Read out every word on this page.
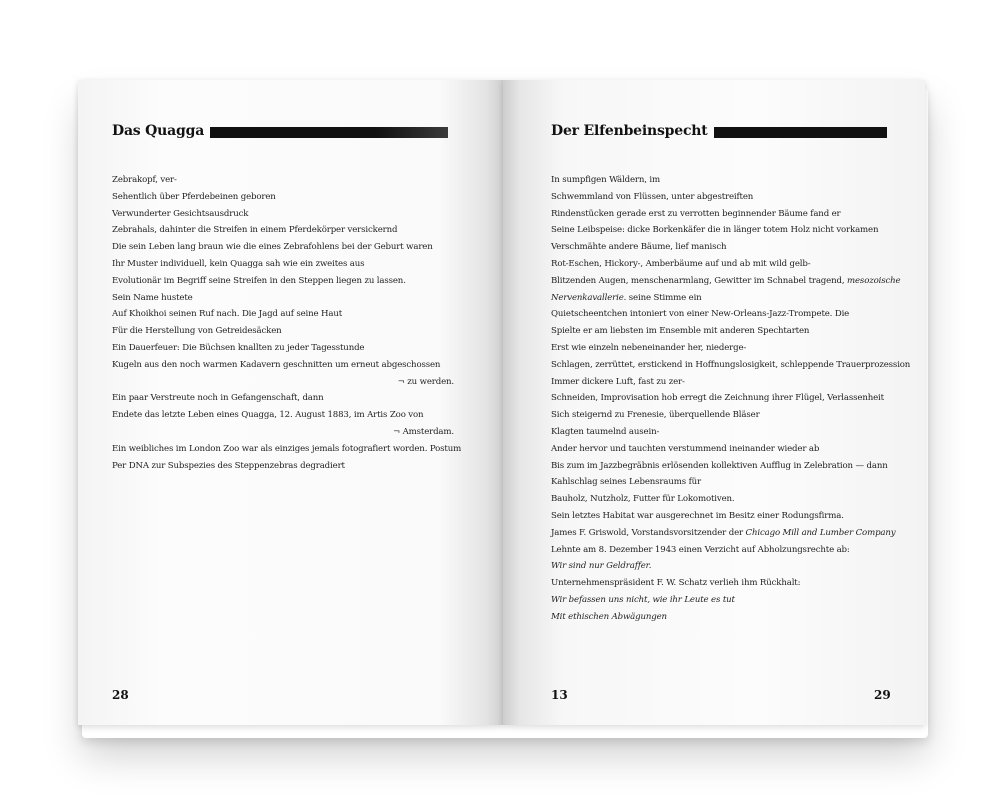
Das Quagga
Zebrakopf, ver-
Sehentlich über Pferdebeinen geboren
Verwunderter Gesichtsausdruck
Zebrahals, dahinter die Streifen in einem Pferdekörper versickernd
Die sein Leben lang braun wie die eines Zebrafohlens bei der Geburt waren
Ihr Muster individuell, kein Quagga sah wie ein zweites aus
Evolutionär im Begriff seine Streifen in den Steppen liegen zu lassen.
Sein Name hustete
Auf Khoikhoi seinen Ruf nach. Die Jagd auf seine Haut
Für die Herstellung von Getreidesäcken
Ein Dauerfeuer: Die Büchsen knallten zu jeder Tagesstunde
Kugeln aus den noch warmen Kadavern geschnitten um erneut abgeschossen
¬ zu werden.
Ein paar Verstreute noch in Gefangenschaft, dann
Endete das letzte Leben eines Quagga, 12. August 1883, im Artis Zoo von
¬ Amsterdam.
Ein weibliches im London Zoo war als einziges jemals fotografiert worden. Postum
Per DNA zur Subspezies des Steppenzebras degradiert
28
Der Elfenbeinspecht
In sumpfigen Wäldern, im
Schwemmland von Flüssen, unter abgestreiften
Rindenstücken gerade erst zu verrotten beginnender Bäume fand er
Seine Leibspeise: dicke Borkenkäfer die in länger totem Holz nicht vorkamen
Verschmähte andere Bäume, lief manisch
Rot-Eschen, Hickory-, Amberbäume auf und ab mit wild gelb-
Blitzenden Augen, menschenarmlang, Gewitter im Schnabel tragend, mesozoische
Nervenkavallerie. seine Stimme ein
Quietscheentchen intoniert von einer New-Orleans-Jazz-Trompete. Die
Spielte er am liebsten im Ensemble mit anderen Spechtarten
Erst wie einzeln nebeneinander her, niederge-
Schlagen, zerrüttet, erstickend in Hoffnungslosigkeit, schleppende Trauerprozession
Immer dickere Luft, fast zu zer-
Schneiden, Improvisation hob erregt die Zeichnung ihrer Flügel, Verlassenheit
Sich steigernd zu Frenesie, überquellende Bläser
Klagten taumelnd ausein-
Ander hervor und tauchten verstummend ineinander wieder ab
Bis zum im Jazzbegräbnis erlösenden kollektiven Aufflug in Zelebration — dann
Kahlschlag seines Lebensraums für
Bauholz, Nutzholz, Futter für Lokomotiven.
Sein letztes Habitat war ausgerechnet im Besitz einer Rodungsfirma.
James F. Griswold, Vorstandsvorsitzender der Chicago Mill and Lumber Company
Lehnte am 8. Dezember 1943 einen Verzicht auf Abholzungsrechte ab:
Wir sind nur Geldraffer.
Unternehmenspräsident F. W. Schatz verlieh ihm Rückhalt:
Wir befassen uns nicht, wie ihr Leute es tut
Mit ethischen Abwägungen
13	29
